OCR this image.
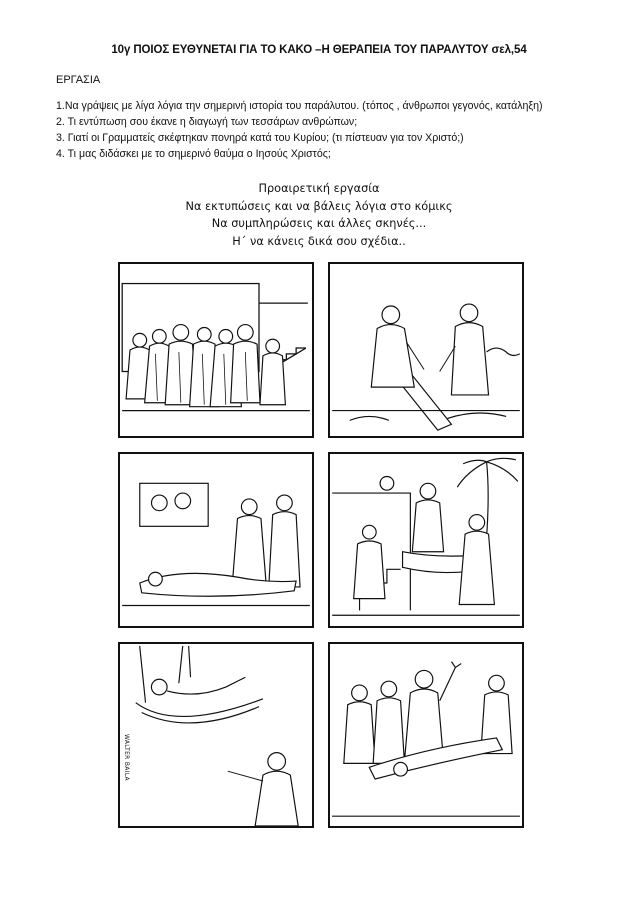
10γ ΠΟΙΟΣ ΕΥΘΥΝΕΤΑΙ ΓΙΑ ΤΟ ΚΑΚΟ –Η ΘΕΡΑΠΕΙΑ ΤΟΥ ΠΑΡΑΛΥΤΟΥ σελ,54
ΕΡΓΑΣΙΑ
1.Να γράψεις με λίγα λόγια την σημερινή ιστορία του παράλυτου. (τόπος , άνθρωποι γεγονός, κατάληξη)
2. Τι εντύπωση σου έκανε η διαγωγή των τεσσάρων ανθρώπων;
3. Γιατί οι Γραμματείς σκέφτηκαν πονηρά κατά του Κυρίου; (τι πίστευαν για τον Χριστό;)
4. Τι μας διδάσκει με το σημερινό θαύμα ο Ιησούς Χριστός;
Προαιρετική εργασία
Να εκτυπώσεις και να βάλεις λόγια στο κόμικς
Να συμπληρώσεις και άλλες σκηνές...
Η΄ να κάνεις δικά σου σχέδια..
WALTER BAILA
